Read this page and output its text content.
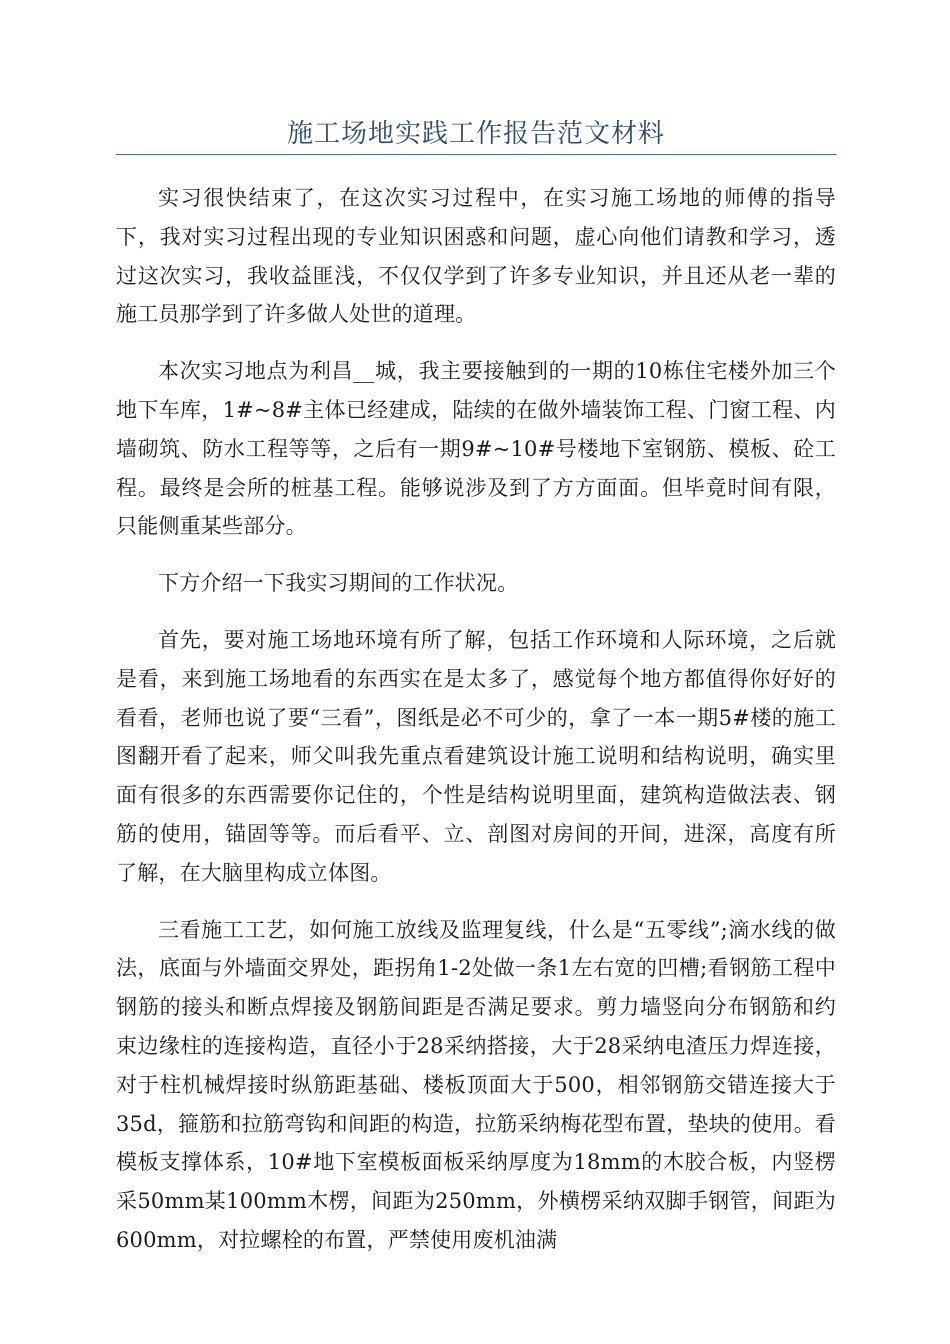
施工场地实践工作报告范文材料

实习很快结束了，在这次实习过程中，在实习施工场地的师傅的指导下，我对实习过程出现的专业知识困惑和问题，虚心向他们请教和学习，透过这次实习，我收益匪浅，不仅仅学到了许多专业知识，并且还从老一辈的施工员那学到了许多做人处世的道理。

本次实习地点为利昌__城，我主要接触到的一期的10栋住宅楼外加三个地下车库，1#~8#主体已经建成，陆续的在做外墙装饰工程、门窗工程、内墙砌筑、防水工程等等，之后有一期9#~10#号楼地下室钢筋、模板、砼工程。最终是会所的桩基工程。能够说涉及到了方方面面。但毕竟时间有限，只能侧重某些部分。

下方介绍一下我实习期间的工作状况。

首先，要对施工场地环境有所了解，包括工作环境和人际环境，之后就是看，来到施工场地看的东西实在是太多了，感觉每个地方都值得你好好的看看，老师也说了要“三看”，图纸是必不可少的，拿了一本一期5#楼的施工图翻开看了起来，师父叫我先重点看建筑设计施工说明和结构说明，确实里面有很多的东西需要你记住的，个性是结构说明里面，建筑构造做法表、钢筋的使用，锚固等等。而后看平、立、剖图对房间的开间，进深，高度有所了解，在大脑里构成立体图。

三看施工工艺，如何施工放线及监理复线，什么是“五零线”;滴水线的做法，底面与外墙面交界处，距拐角1-2处做一条1左右宽的凹槽;看钢筋工程中钢筋的接头和断点焊接及钢筋间距是否满足要求。剪力墙竖向分布钢筋和约束边缘柱的连接构造，直径小于28采纳搭接，大于28采纳电渣压力焊连接，对于柱机械焊接时纵筋距基础、楼板顶面大于500，相邻钢筋交错连接大于35d，箍筋和拉筋弯钩和间距的构造，拉筋采纳梅花型布置，垫块的使用。看模板支撑体系，10#地下室模板面板采纳厚度为18mm的木胶合板，内竖楞采50mm某100mm木楞，间距为250mm，外横楞采纳双脚手钢管，间距为600mm，对拉螺栓的布置，严禁使用废机油满
